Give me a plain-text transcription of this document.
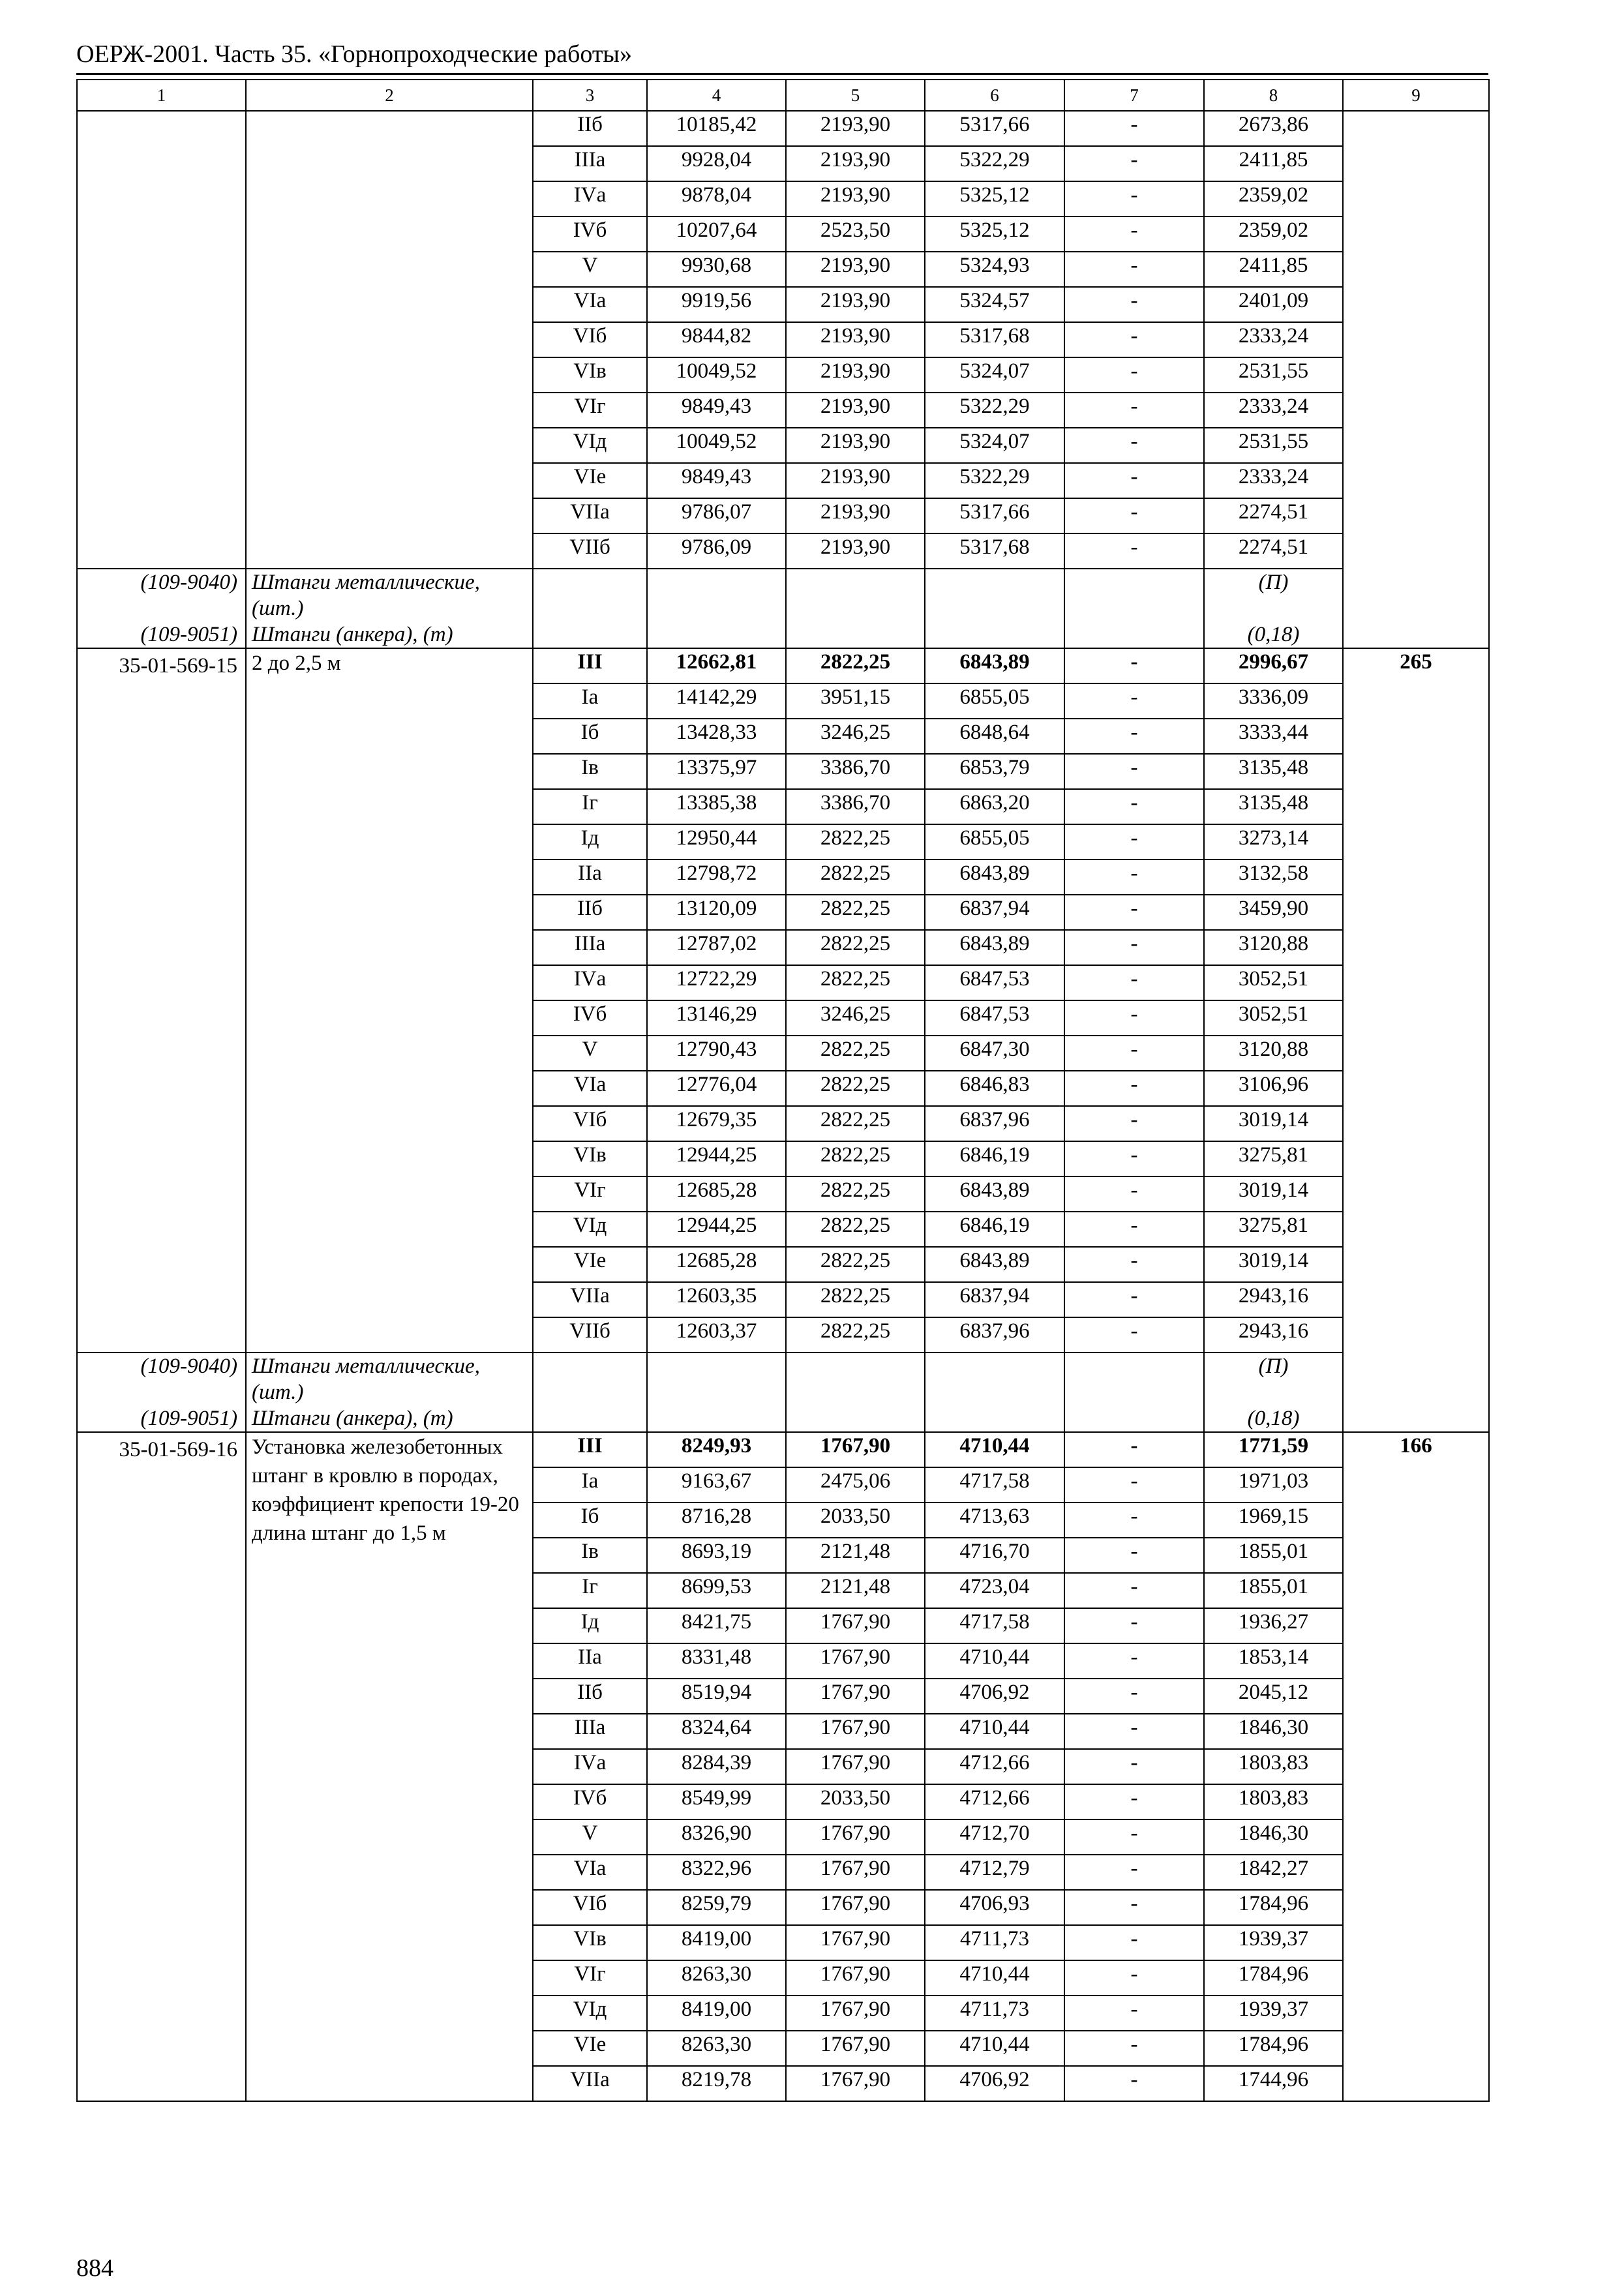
ОЕРЖ-2001. Часть 35. «Горнопроходческие работы»
1	2	3	4	5	6	7	8	9
		IIб	10185,42	2193,90	5317,66	-	2673,86	
		IIIа	9928,04	2193,90	5322,29	-	2411,85	
		IVа	9878,04	2193,90	5325,12	-	2359,02	
		IVб	10207,64	2523,50	5325,12	-	2359,02	
		V	9930,68	2193,90	5324,93	-	2411,85	
		VIа	9919,56	2193,90	5324,57	-	2401,09	
		VIб	9844,82	2193,90	5317,68	-	2333,24	
		VIв	10049,52	2193,90	5324,07	-	2531,55	
		VIг	9849,43	2193,90	5322,29	-	2333,24	
		VIд	10049,52	2193,90	5324,07	-	2531,55	
		VIе	9849,43	2193,90	5322,29	-	2333,24	
		VIIа	9786,07	2193,90	5317,66	-	2274,51	
		VIIб	9786,09	2193,90	5317,68	-	2274,51	
(109-9040)	Штанги металлические, (шт.)						(П)	
(109-9051)	Штанги (анкера), (т)						(0,18)	
35-01-569-15	2 до 2,5 м	III	12662,81	2822,25	6843,89	-	2996,67	265
		Iа	14142,29	3951,15	6855,05	-	3336,09	
		Iб	13428,33	3246,25	6848,64	-	3333,44	
		Iв	13375,97	3386,70	6853,79	-	3135,48	
		Iг	13385,38	3386,70	6863,20	-	3135,48	
		Iд	12950,44	2822,25	6855,05	-	3273,14	
		IIа	12798,72	2822,25	6843,89	-	3132,58	
		IIб	13120,09	2822,25	6837,94	-	3459,90	
		IIIа	12787,02	2822,25	6843,89	-	3120,88	
		IVа	12722,29	2822,25	6847,53	-	3052,51	
		IVб	13146,29	3246,25	6847,53	-	3052,51	
		V	12790,43	2822,25	6847,30	-	3120,88	
		VIа	12776,04	2822,25	6846,83	-	3106,96	
		VIб	12679,35	2822,25	6837,96	-	3019,14	
		VIв	12944,25	2822,25	6846,19	-	3275,81	
		VIг	12685,28	2822,25	6843,89	-	3019,14	
		VIд	12944,25	2822,25	6846,19	-	3275,81	
		VIе	12685,28	2822,25	6843,89	-	3019,14	
		VIIа	12603,35	2822,25	6837,94	-	2943,16	
		VIIб	12603,37	2822,25	6837,96	-	2943,16	
(109-9040)	Штанги металлические, (шт.)						(П)	
(109-9051)	Штанги (анкера), (т)						(0,18)	
35-01-569-16	Установка железобетонных штанг в кровлю в породах, коэффициент крепости 19-20 длина штанг до 1,5 м	III	8249,93	1767,90	4710,44	-	1771,59	166
		Iа	9163,67	2475,06	4717,58	-	1971,03	
		Iб	8716,28	2033,50	4713,63	-	1969,15	
		Iв	8693,19	2121,48	4716,70	-	1855,01	
		Iг	8699,53	2121,48	4723,04	-	1855,01	
		Iд	8421,75	1767,90	4717,58	-	1936,27	
		IIа	8331,48	1767,90	4710,44	-	1853,14	
		IIб	8519,94	1767,90	4706,92	-	2045,12	
		IIIа	8324,64	1767,90	4710,44	-	1846,30	
		IVа	8284,39	1767,90	4712,66	-	1803,83	
		IVб	8549,99	2033,50	4712,66	-	1803,83	
		V	8326,90	1767,90	4712,70	-	1846,30	
		VIа	8322,96	1767,90	4712,79	-	1842,27	
		VIб	8259,79	1767,90	4706,93	-	1784,96	
		VIв	8419,00	1767,90	4711,73	-	1939,37	
		VIг	8263,30	1767,90	4710,44	-	1784,96	
		VIд	8419,00	1767,90	4711,73	-	1939,37	
		VIе	8263,30	1767,90	4710,44	-	1784,96	
		VIIа	8219,78	1767,90	4706,92	-	1744,96	
884
